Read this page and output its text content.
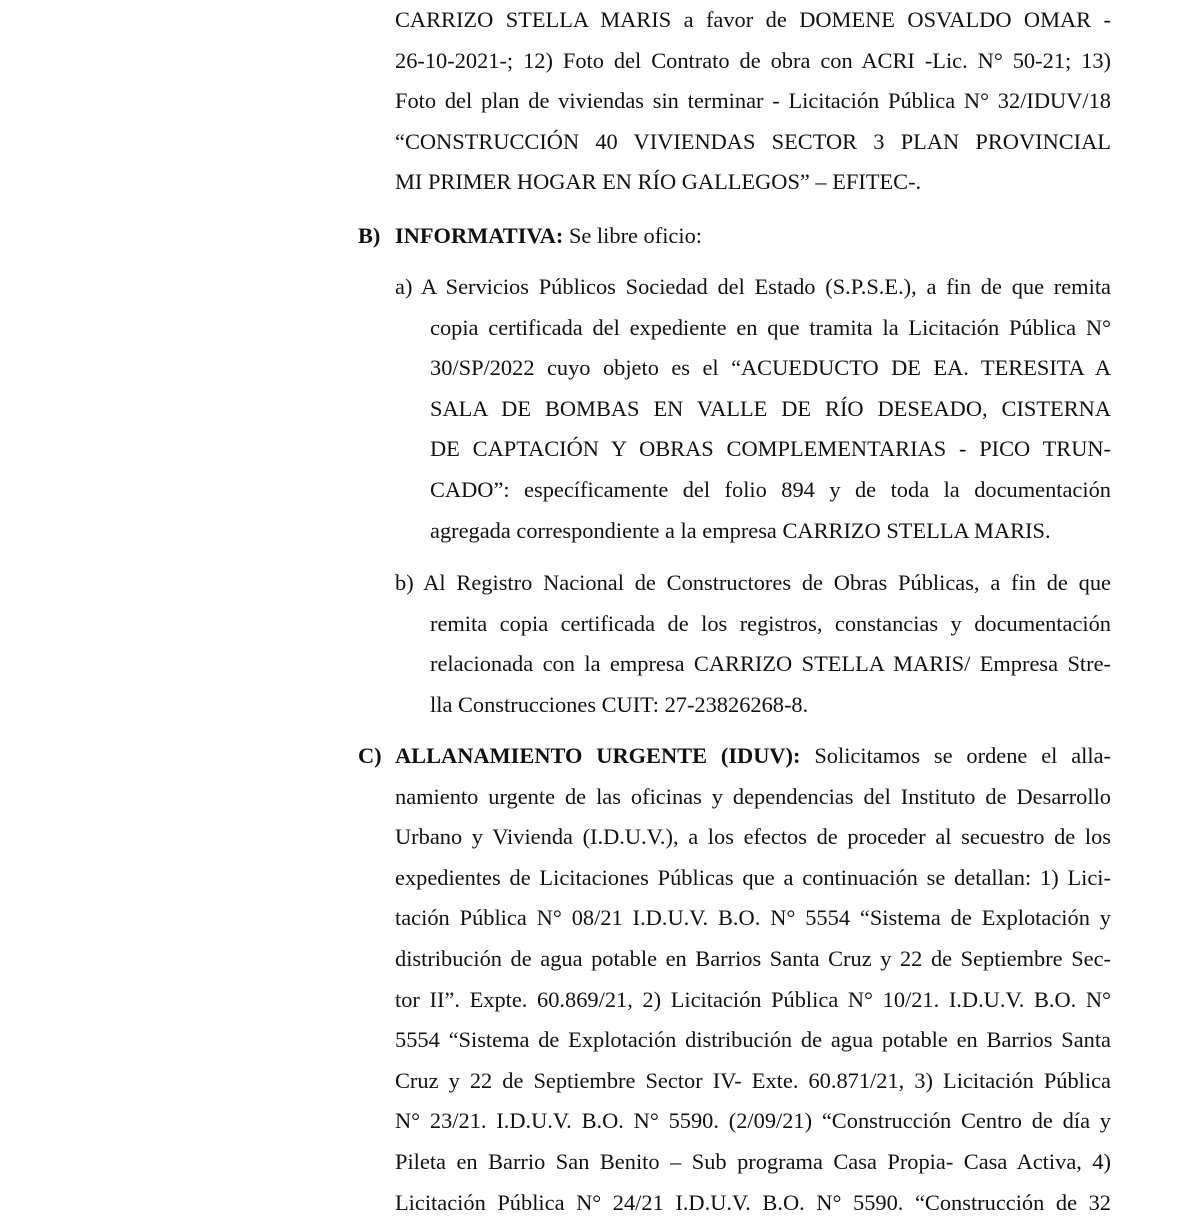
CARRIZO STELLA MARIS a favor de DOMENE OSVALDO OMAR -

26-10-2021-; 12) Foto del Contrato de obra con ACRI -Lic. N° 50-21; 13)

Foto del plan de viviendas sin terminar - Licitación Pública N° 32/IDUV/18

“CONSTRUCCIÓN 40 VIVIENDAS SECTOR 3 PLAN PROVINCIAL

MI PRIMER HOGAR EN RÍO GALLEGOS” – EFITEC-.

B) INFORMATIVA: Se libre oficio:

a) A Servicios Públicos Sociedad del Estado (S.P.S.E.), a fin de que remita

copia certificada del expediente en que tramita la Licitación Pública N°

30/SP/2022 cuyo objeto es el “ACUEDUCTO DE EA. TERESITA A

SALA DE BOMBAS EN VALLE DE RÍO DESEADO, CISTERNA

DE CAPTACIÓN Y OBRAS COMPLEMENTARIAS - PICO TRUN-

CADO”: específicamente del folio 894 y de toda la documentación

agregada correspondiente a la empresa CARRIZO STELLA MARIS.

b) Al Registro Nacional de Constructores de Obras Públicas, a fin de que

remita copia certificada de los registros, constancias y documentación

relacionada con la empresa CARRIZO STELLA MARIS/ Empresa Stre-

lla Construcciones CUIT: 27-23826268-8.

C) ALLANAMIENTO URGENTE (IDUV): Solicitamos se ordene el alla-

namiento urgente de las oficinas y dependencias del Instituto de Desarrollo

Urbano y Vivienda (I.D.U.V.), a los efectos de proceder al secuestro de los

expedientes de Licitaciones Públicas que a continuación se detallan: 1) Lici-

tación Pública N° 08/21 I.D.U.V. B.O. N° 5554 “Sistema de Explotación y

distribución de agua potable en Barrios Santa Cruz y 22 de Septiembre Sec-

tor II”. Expte. 60.869/21, 2) Licitación Pública N° 10/21. I.D.U.V. B.O. N°

5554 “Sistema de Explotación distribución de agua potable en Barrios Santa

Cruz y 22 de Septiembre Sector IV- Exte. 60.871/21, 3) Licitación Pública

N° 23/21. I.D.U.V. B.O. N° 5590. (2/09/21) “Construcción Centro de día y

Pileta en Barrio San Benito – Sub programa Casa Propia- Casa Activa, 4)

Licitación Pública N° 24/21 I.D.U.V. B.O. N° 5590. “Construcción de 32
